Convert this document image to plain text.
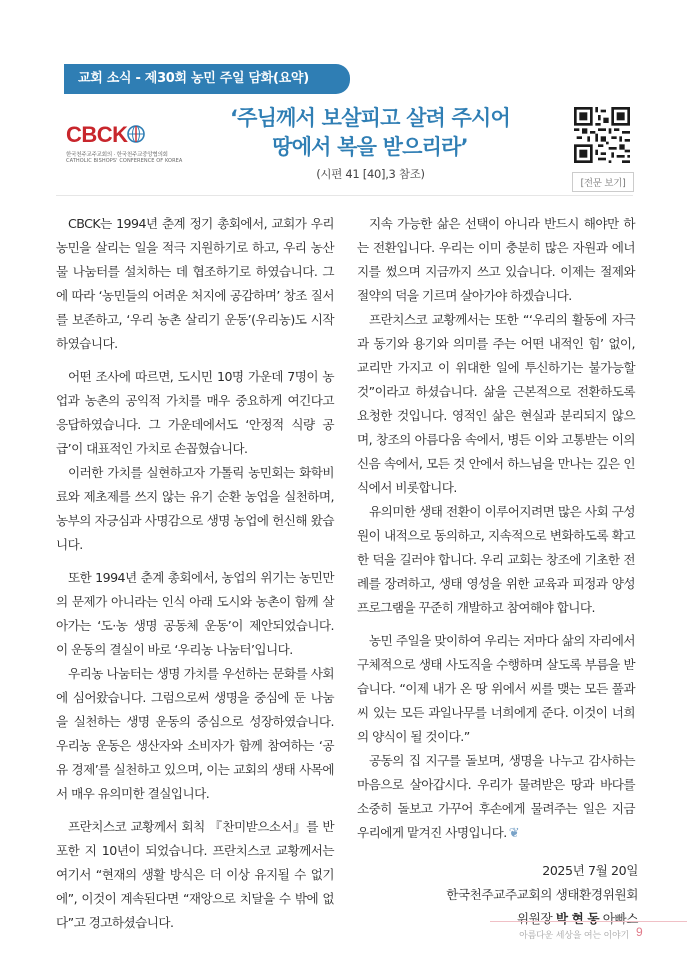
교회 소식 - 제30회 농민 주일 담화(요약)
CBCK
한국천주교주교회의 · 한국천주교중앙협의회
CATHOLIC BISHOPS' CONFERENCE OF KOREA
‘주님께서 보살피고 살려 주시어
땅에서 복을 받으리라’
(시편 41 [40],3 참조)
[전문 보기]

CBCK는 1994년 춘계 정기 총회에서, 교회가 우리 농민을 살리는 일을 적극 지원하기로 하고, 우리 농산물 나눔터를 설치하는 데 협조하기로 하였습니다. 그에 따라 ‘농민들의 어려운 처지에 공감하며’ 창조 질서를 보존하고, ‘우리 농촌 살리기 운동’(우리농)도 시작하였습니다.

어떤 조사에 따르면, 도시민 10명 가운데 7명이 농업과 농촌의 공익적 가치를 매우 중요하게 여긴다고 응답하였습니다. 그 가운데에서도 ‘안정적 식량 공급’이 대표적인 가치로 손꼽혔습니다.

이러한 가치를 실현하고자 가톨릭 농민회는 화학비료와 제초제를 쓰지 않는 유기 순환 농업을 실천하며, 농부의 자긍심과 사명감으로 생명 농업에 헌신해 왔습니다.

또한 1994년 춘계 총회에서, 농업의 위기는 농민만의 문제가 아니라는 인식 아래 도시와 농촌이 함께 살아가는 ‘도·농 생명 공동체 운동’이 제안되었습니다. 이 운동의 결실이 바로 ‘우리농 나눔터’입니다.

우리농 나눔터는 생명 가치를 우선하는 문화를 사회에 심어왔습니다. 그럼으로써 생명을 중심에 둔 나눔을 실천하는 생명 운동의 중심으로 성장하였습니다. 우리농 운동은 생산자와 소비자가 함께 참여하는 ‘공유 경제’를 실천하고 있으며, 이는 교회의 생태 사목에서 매우 유의미한 결실입니다.

프란치스코 교황께서 회칙 『찬미받으소서』를 반포한 지 10년이 되었습니다. 프란치스코 교황께서는 여기서 “현재의 생활 방식은 더 이상 유지될 수 없기에”, 이것이 계속된다면 “재앙으로 치달을 수 밖에 없다”고 경고하셨습니다.

지속 가능한 삶은 선택이 아니라 반드시 해야만 하는 전환입니다. 우리는 이미 충분히 많은 자원과 에너지를 썼으며 지금까지 쓰고 있습니다. 이제는 절제와 절약의 덕을 기르며 살아가야 하겠습니다.

프란치스코 교황께서는 또한 “‘우리의 활동에 자극과 동기와 용기와 의미를 주는 어떤 내적인 힘’ 없이, 교리만 가지고 이 위대한 일에 투신하기는 불가능할 것”이라고 하셨습니다. 삶을 근본적으로 전환하도록 요청한 것입니다. 영적인 삶은 현실과 분리되지 않으며, 창조의 아름다움 속에서, 병든 이와 고통받는 이의 신음 속에서, 모든 것 안에서 하느님을 만나는 깊은 인식에서 비롯합니다.

유의미한 생태 전환이 이루어지려면 많은 사회 구성원이 내적으로 동의하고, 지속적으로 변화하도록 확고한 덕을 길러야 합니다. 우리 교회는 창조에 기초한 전례를 장려하고, 생태 영성을 위한 교육과 피정과 양성 프로그램을 꾸준히 개발하고 참여해야 합니다.

농민 주일을 맞이하여 우리는 저마다 삶의 자리에서 구체적으로 생태 사도직을 수행하며 살도록 부름을 받습니다. “이제 내가 온 땅 위에서 씨를 맺는 모든 풀과 씨 있는 모든 과일나무를 너희에게 준다. 이것이 너희의 양식이 될 것이다.”

공동의 집 지구를 돌보며, 생명을 나누고 감사하는 마음으로 살아갑시다. 우리가 물려받은 땅과 바다를 소중히 돌보고 가꾸어 후손에게 물려주는 일은 지금 우리에게 맡겨진 사명입니다. ❦

2025년 7월 20일
한국천주교주교회의 생태환경위원회
위원장 박 현 동 아빠스
아름다운 세상을 여는 이야기 9
